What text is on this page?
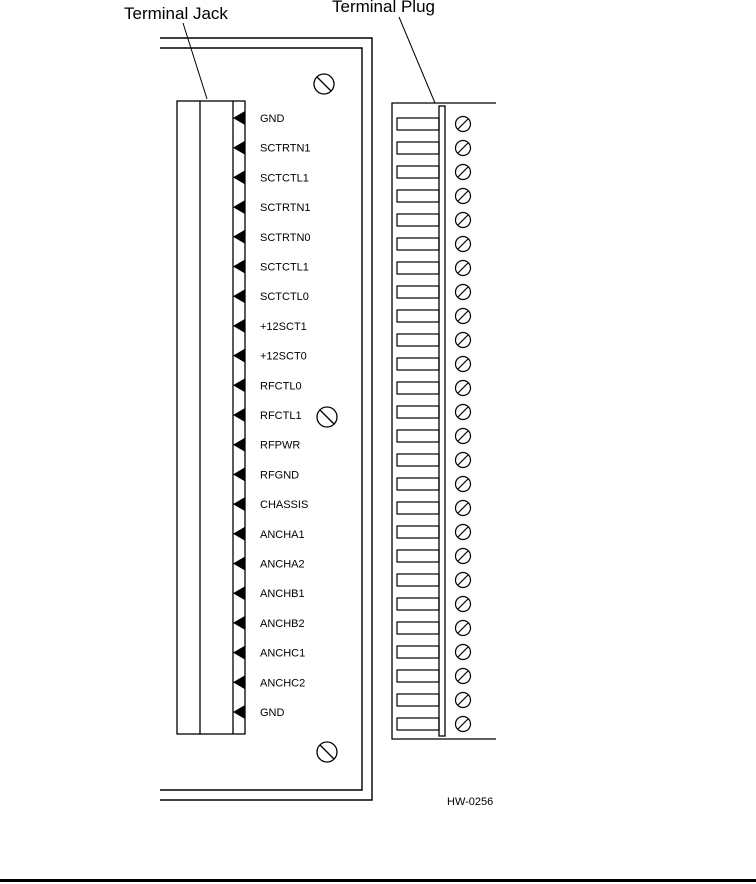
Terminal Jack	Terminal Plug
GND
SCTRTN1
SCTCTL1
SCTRTN1
SCTRTN0
SCTCTL1
SCTCTL0
+12SCT1
+12SCT0
RFCTL0
RFCTL1
RFPWR
RFGND
CHASSIS
ANCHA1
ANCHA2
ANCHB1
ANCHB2
ANCHC1
ANCHC2
GND
HW-0256
